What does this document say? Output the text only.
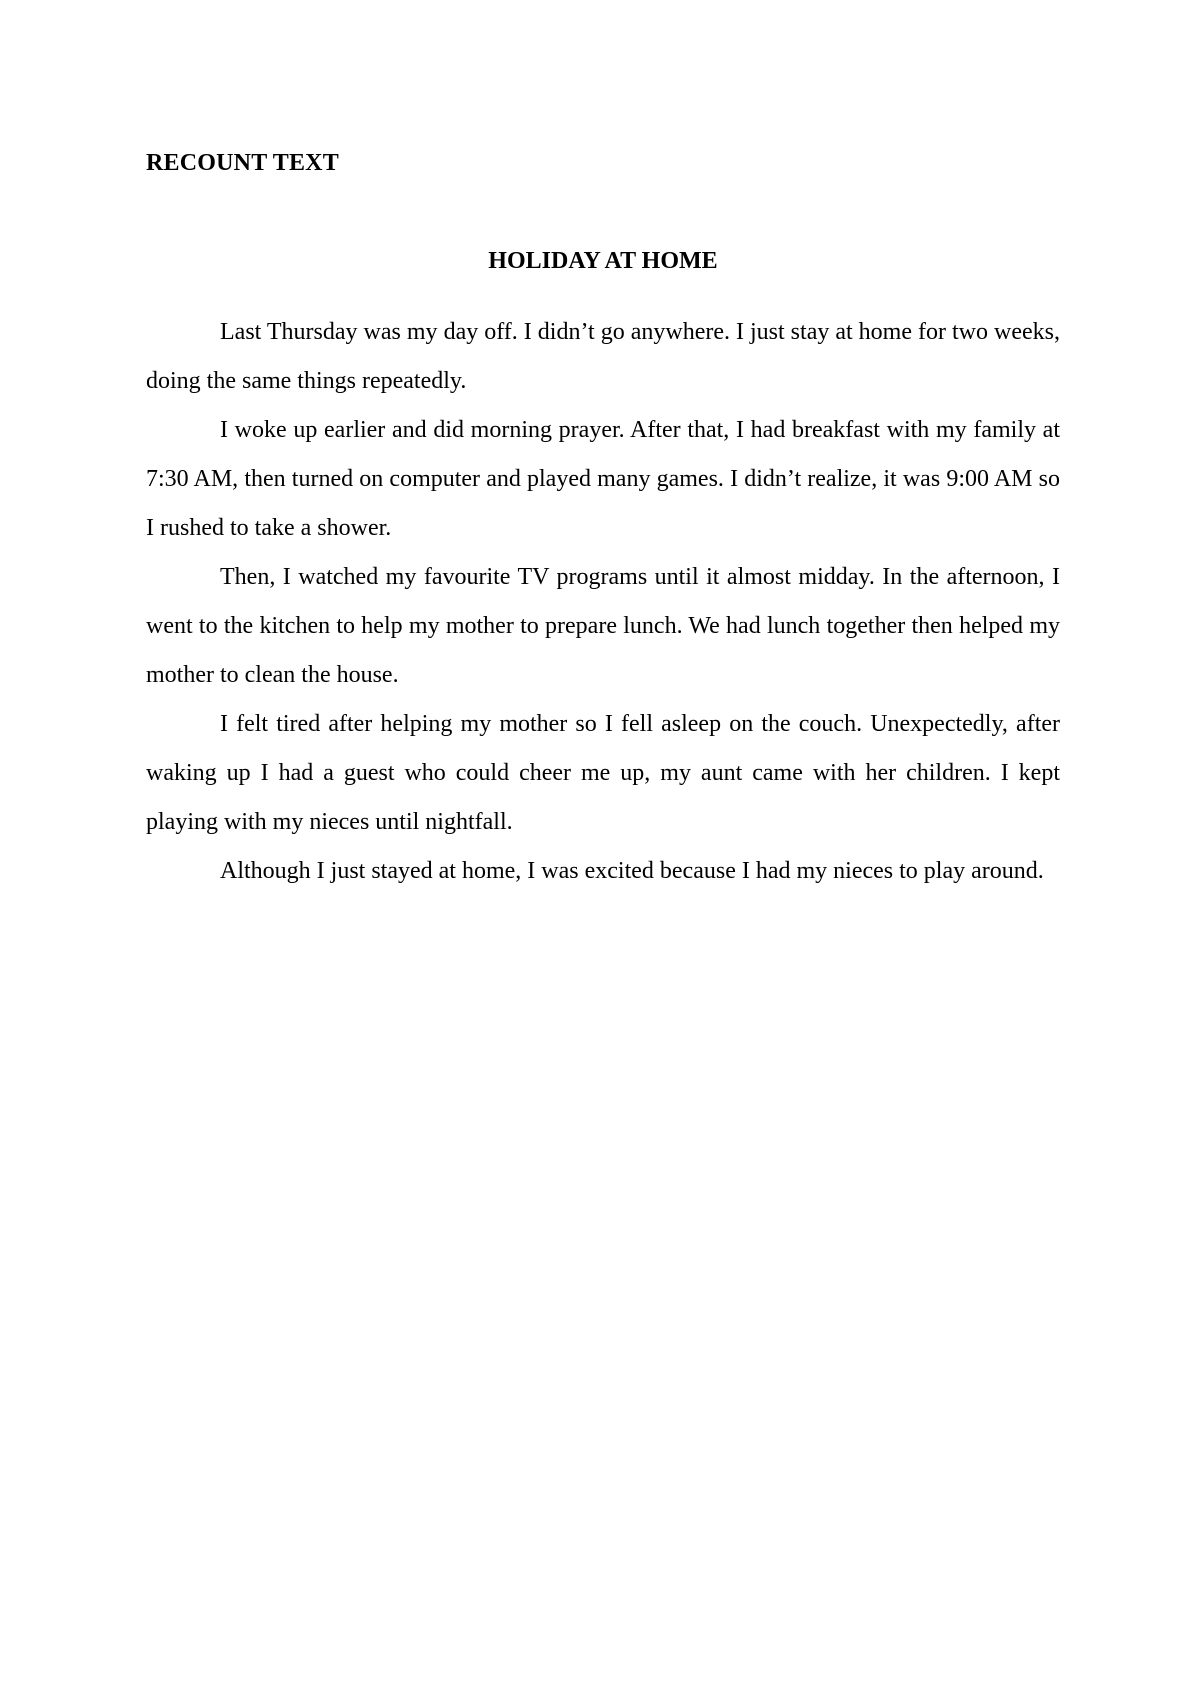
RECOUNT TEXT
HOLIDAY AT HOME

Last Thursday was my day off. I didn’t go anywhere. I just stay at home for two weeks, doing the same things repeatedly.

I woke up earlier and did morning prayer. After that, I had breakfast with my family at 7:30 AM, then turned on computer and played many games. I didn’t realize, it was 9:00 AM so I rushed to take a shower.

Then, I watched my favourite TV programs until it almost midday. In the afternoon, I went to the kitchen to help my mother to prepare lunch. We had lunch together then helped my mother to clean the house.

I felt tired after helping my mother so I fell asleep on the couch. Unexpectedly, after waking up I had a guest who could cheer me up, my aunt came with her children. I kept playing with my nieces until nightfall.

Although I just stayed at home, I was excited because I had my nieces to play around.
